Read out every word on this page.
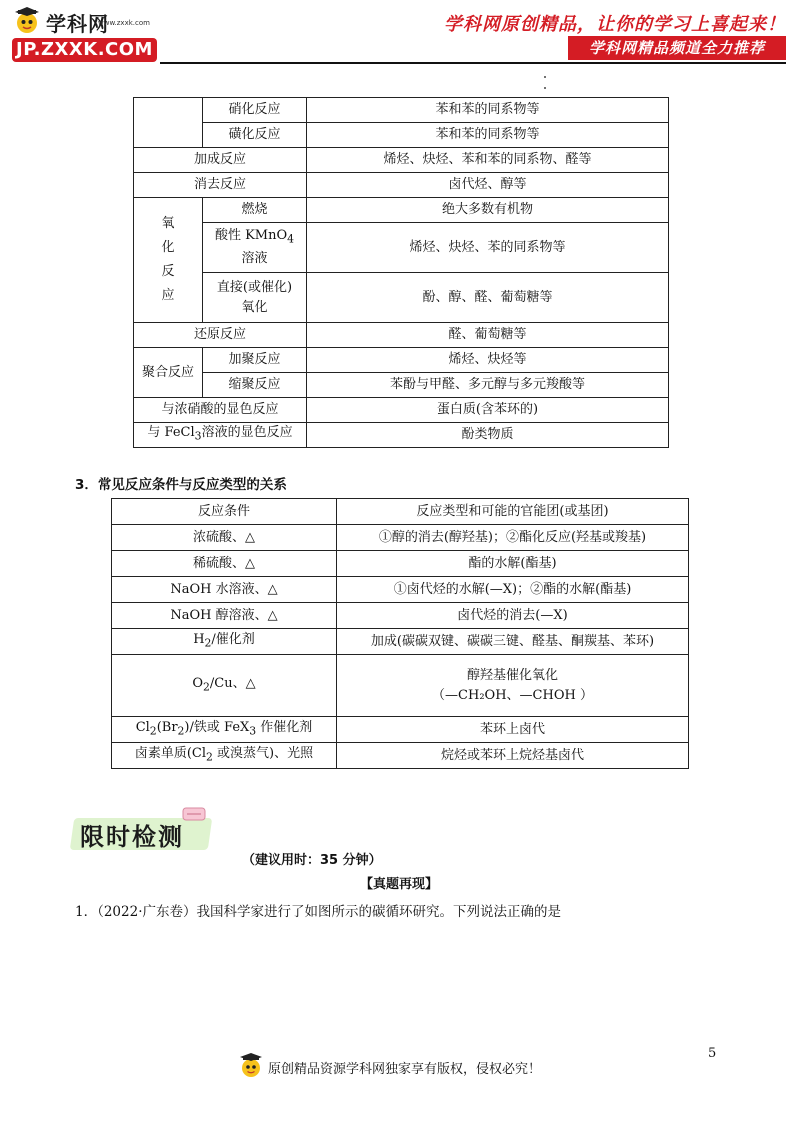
学科网
www.zxxk.com
JP.ZXXK.COM
学科网原创精品，让你的学习上喜起来！
学科网精品频道全力推荐
	硝化反应	苯和苯的同系物等
	磺化反应	苯和苯的同系物等
加成反应		烯烃、炔烃、苯和苯的同系物、醛等
消去反应		卤代烃、醇等

氧
化
反
应	燃烧	绝大多数有机物

	酸性 KMnO$_4$
溶液	烯烃、炔烃、苯的同系物等

	直接(或催化)
氧化	酚、醇、醛、葡萄糖等
还原反应		醛、葡萄糖等
聚合反应	加聚反应	烯烃、炔烃等
	缩聚反应	苯酚与甲醛、多元醇与多元羧酸等
与浓硝酸的显色反应		蛋白质(含苯环的)
与 FeCl$_3$溶液的显色反应		酚类物质
3．常见反应条件与反应类型的关系
反应条件	反应类型和可能的官能团(或基团)
浓硫酸、△	①醇的消去(醇羟基)；②酯化反应(羟基或羧基)
稀硫酸、△	酯的水解(酯基)
NaOH 水溶液、△	①卤代烃的水解(—X)；②酯的水解(酯基)
NaOH 醇溶液、△	卤代烃的消去(—X)
$H_2/$催化剂	加成(碳碳双键、碳碳三键、醛基、酮羰基、苯环)
$O_2/Cu$、△	醇羟基催化氧化
（—CH₂OH、—CHOH ）

$Cl_2(Br_2)/$铁或 FeX$_3$ 作催化剂	苯环上卤代
卤素单质($Cl_2$ 或溴蒸气)、光照	烷烃或苯环上烷烃基卤代
限时检测
（建议用时：35 分钟）
【真题再现】
1．（2022·广东卷）我国科学家进行了如图所示的碳循环研究。下列说法正确的是
5
原创精品资源学科网独家享有版权，侵权必究！
